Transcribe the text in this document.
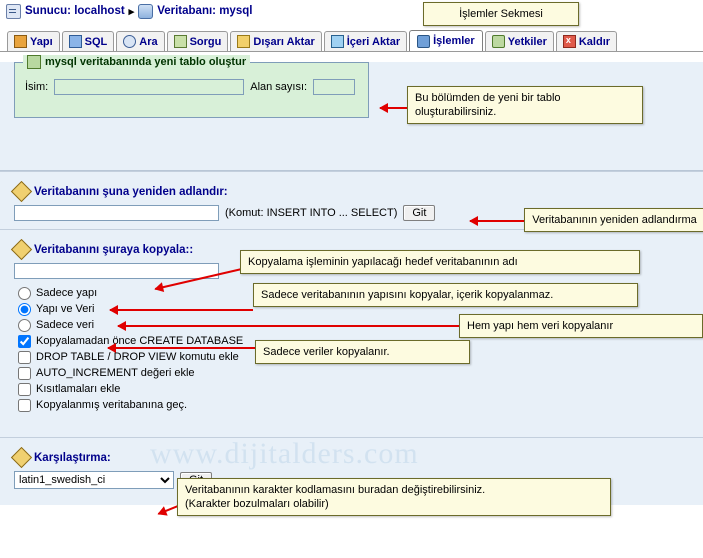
Sunucu: localhost ▸ Veritabanı: mysql
Yapı	SQL	Ara	Sorgu	Dışarı Aktar	İçeri Aktar	İşlemler	Yetkiler x	Kaldır
mysql veritabanında yeni tablo oluştur
İsim:	Alan sayısı:
Veritabanını şuna yeniden adlandır:
(Komut: INSERT INTO ... SELECT)	Git
Veritabanını şuraya kopyala::
Sadece yapı
Yapı ve Veri
Sadece veri
Kopyalamadan önce CREATE DATABASE
DROP TABLE / DROP VIEW komutu ekle
AUTO_INCREMENT değeri ekle
Kısıtlamaları ekle
Kopyalanmış veritabanına geç.
www.dijitalders.com
Karşılaştırma:
latin1_swedish_ci
İşlemler Sekmesi
Bu bölümden de yeni bir tablo oluşturabilirsiniz.
Veritabanının yeniden adlandırma
Kopyalama işleminin yapılacağı hedef veritabanının adı
Sadece veritabanının yapısını kopyalar, içerik kopyalanmaz.
Hem yapı hem veri kopyalanır
Sadece veriler kopyalanır.
Veritabanının karakter kodlamasını buradan değiştirebilirsiniz.
(Karakter bozulmaları olabilir)
